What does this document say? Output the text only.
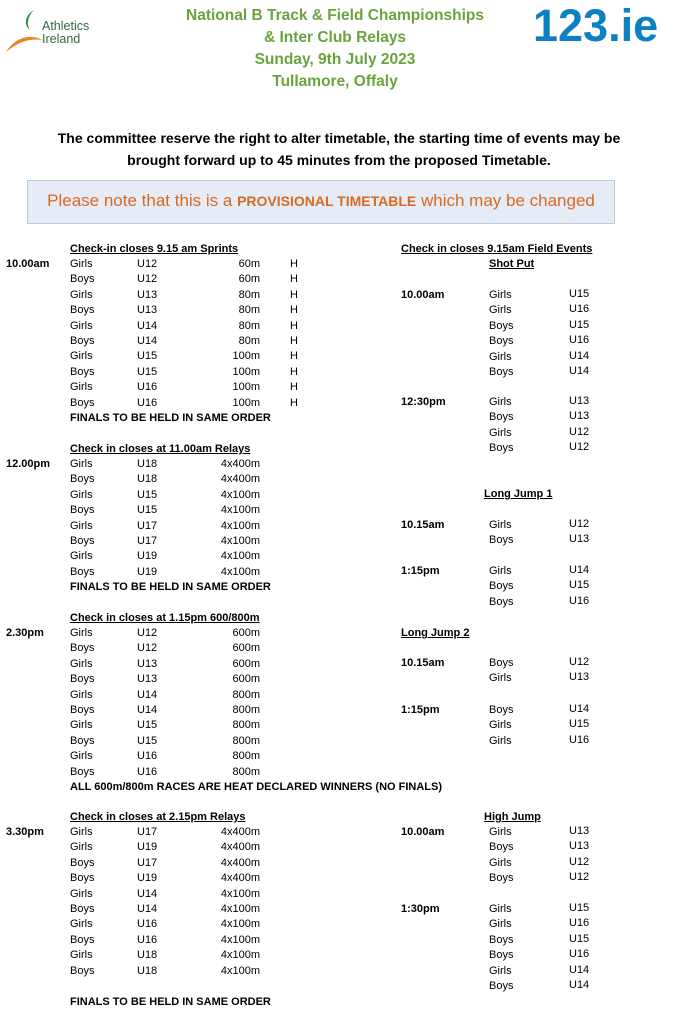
Athletics
Ireland
National B Track & Field Championships
& Inter Club Relays
Sunday, 9th July 2023
Tullamore, Offaly
123.ie
The committee reserve the right to alter timetable, the starting time of events may be
brought forward up to 45 minutes from the proposed Timetable.
Please note that this is a PROVISIONAL TIMETABLE which may be changed
Check-in closes 9.15 am Sprints
10.00am Girls	U12	60m	H
Boys	U12	60m	H
Girls	U13	80m	H
Boys	U13	80m	H
Girls	U14	80m	H
Boys	U14	80m	H
Girls	U15	100m	H
Boys	U15	100m	H
Girls	U16	100m	H
Boys	U16	100m	H
FINALS TO BE HELD IN SAME ORDER
Check in closes at 11.00am Relays
12.00pm Girls	U18	4x400m
Boys	U18	4x400m
Girls	U15	4x100m
Boys	U15	4x100m
Girls	U17	4x100m
Boys	U17	4x100m
Girls	U19	4x100m
Boys	U19	4x100m
FINALS TO BE HELD IN SAME ORDER
Check in closes at 1.15pm 600/800m
2.30pm Girls	U12	600m
Boys	U12	600m
Girls	U13	600m
Boys	U13	600m
Girls	U14	800m
Boys	U14	800m
Girls	U15	800m
Boys	U15	800m
Girls	U16	800m
Boys	U16	800m
ALL 600m/800m RACES ARE HEAT DECLARED WINNERS (NO FINALS)
Check in closes at 2.15pm Relays
3.30pm Girls	U17	4x400m
Girls	U19	4x400m
Boys	U17	4x400m
Boys	U19	4x400m
Girls	U14	4x100m
Boys	U14	4x100m
Girls	U16	4x100m
Boys	U16	4x100m
Girls	U18	4x100m
Boys	U18	4x100m
FINALS TO BE HELD IN SAME ORDER
Check in closes 9.15am Field Events
Shot Put
10.00am	Girls	U15
Girls	U16
Boys	U15
Boys	U16
Girls	U14
Boys	U14
12:30pm	Girls	U13
Boys	U13
Girls	U12
Boys	U12
Long Jump 1
10.15am	Girls	U12
Boys	U13
1:15pm	Girls	U14
Boys	U15
Boys	U16
Long Jump 2
10.15am	Boys	U12
Girls	U13
1:15pm	Boys	U14
Girls	U15
Girls	U16
High Jump
10.00am	Girls	U13
Boys	U13
Girls	U12
Boys	U12
1:30pm	Girls	U15
Girls	U16
Boys	U15
Boys	U16
Girls	U14
Boys	U14
